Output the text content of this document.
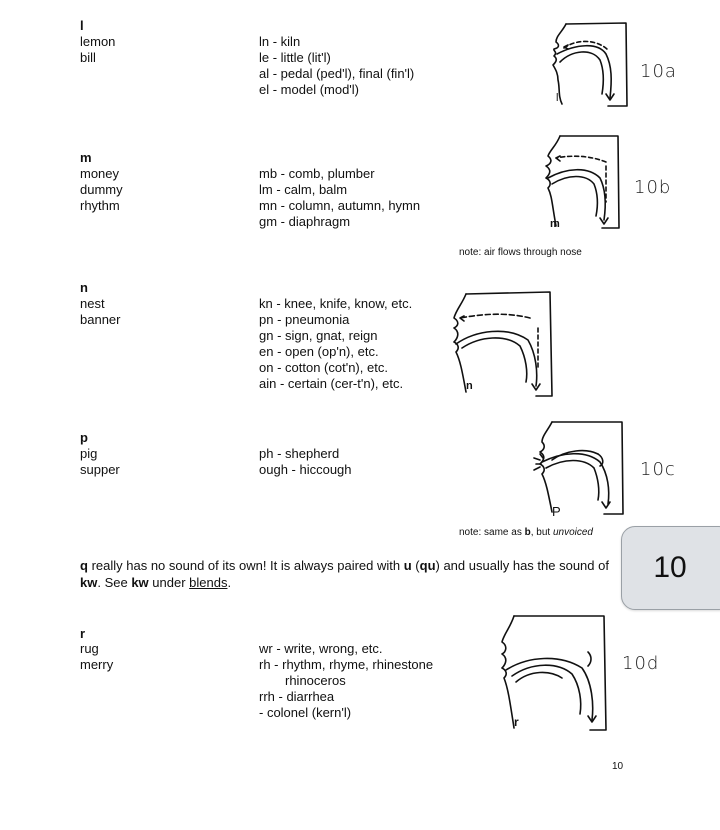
l
lemon
bill
ln - kiln
le - little (lit'l)
al - pedal (ped'l), final (fin'l)
el - model (mod'l)
l
10a
m
money
dummy
rhythm
mb - comb, plumber
lm - calm, balm
mn - column, autumn, hymn
gm - diaphragm	m
10b
note: air flows through nose
n
nest
banner
kn - knee, knife, know, etc.
pn - pneumonia
gn - sign, gnat, reign
en - open (op'n), etc.
on - cotton (cot'n), etc.
ain - certain (cer-t'n), etc.	n
p
pig
supper
ph - shepherd
ough - hiccough
P
10c
note: same as b, but unvoiced
q really has no sound of its own! It is always paired with u (qu) and usually has the sound of kw. See kw under blends.
r
rug
merry
wr - write, wrong, etc.
rh - rhythm, rhyme, rhinestone
rhinoceros
rrh - diarrhea
- colonel (kern'l)
r
10d
10
10
